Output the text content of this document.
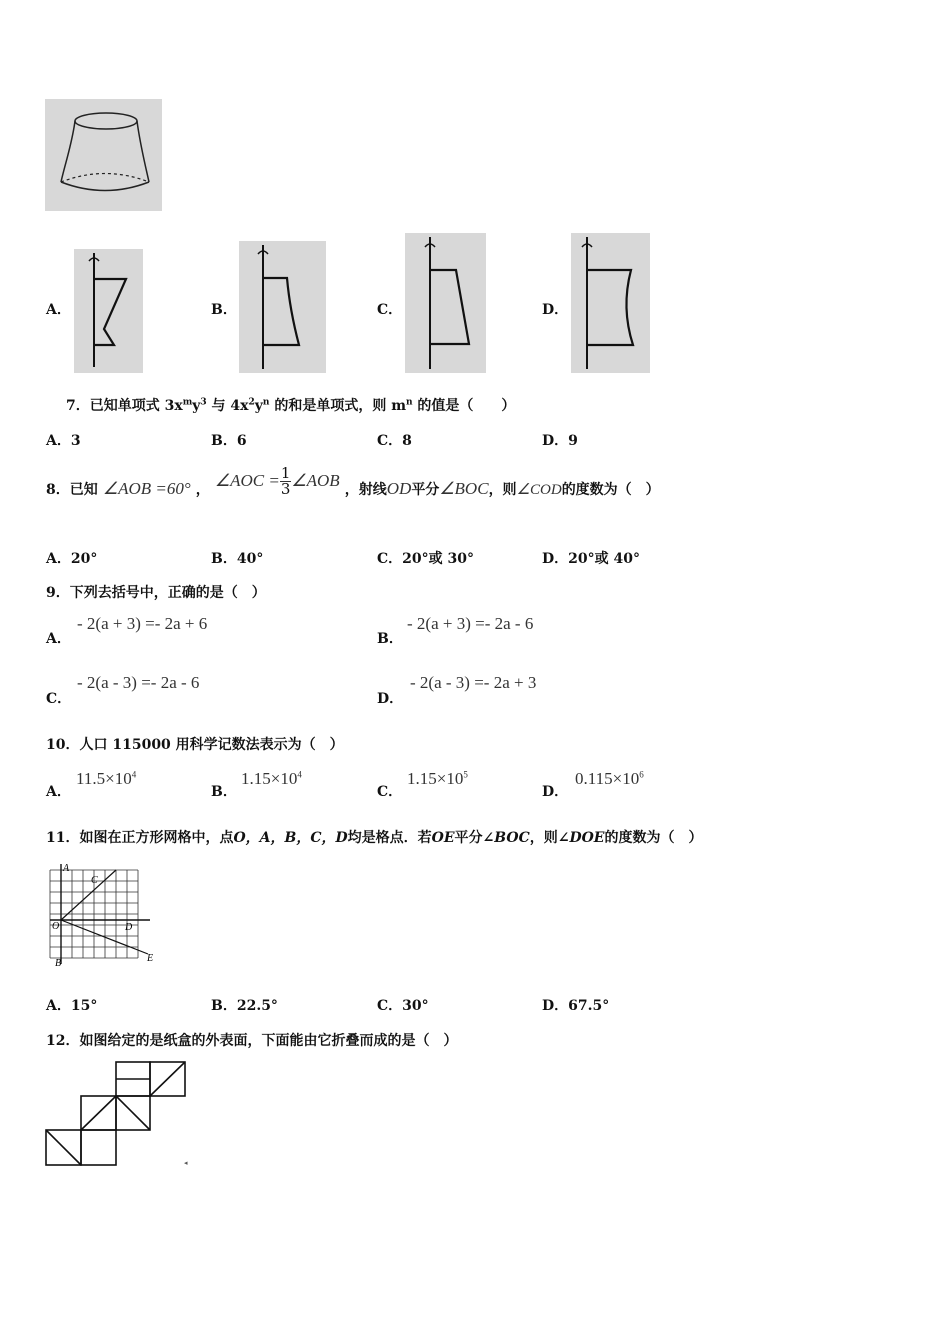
A．	B．	C．	D．
7．已知单项式 $3x^my^3$ 与 $4x^2y^n$ 的和是单项式，则 $m^n$ 的值是（　　）
A．3	B．6	C．8	D．9
8．已知 ∠AOB =60° ， ∠AOC = $\frac{1}{3}$ ∠AOB ，射线OD平分∠BOC，则∠COD的度数为（　）
A．20°	B．40°	C．20°或 30°	D．20°或 40°
9．下列去括号中，正确的是（　）
A．
- 2(a + 3) =- 2a + 6
B．
- 2(a + 3) =- 2a - 6
C．
- 2(a - 3) =- 2a - 6
D．
- 2(a - 3) =- 2a + 3
10．人口 115000 用科学记数法表示为（　）
A．
$11.5\times 10^4$
B．
$1.15\times 10^4$
C．
$1.15\times 10^5$
D．
$0.115\times 10^6$
11．如图在正方形网格中，点O，A，B，C，D均是格点．若OE平分∠BOC，则∠DOE的度数为（　）
A
C
O	D
B	E
A．15°	B．22.5°	C．30°	D．67.5°
12．如图给定的是纸盒的外表面，下面能由它折叠而成的是（　）
◂
